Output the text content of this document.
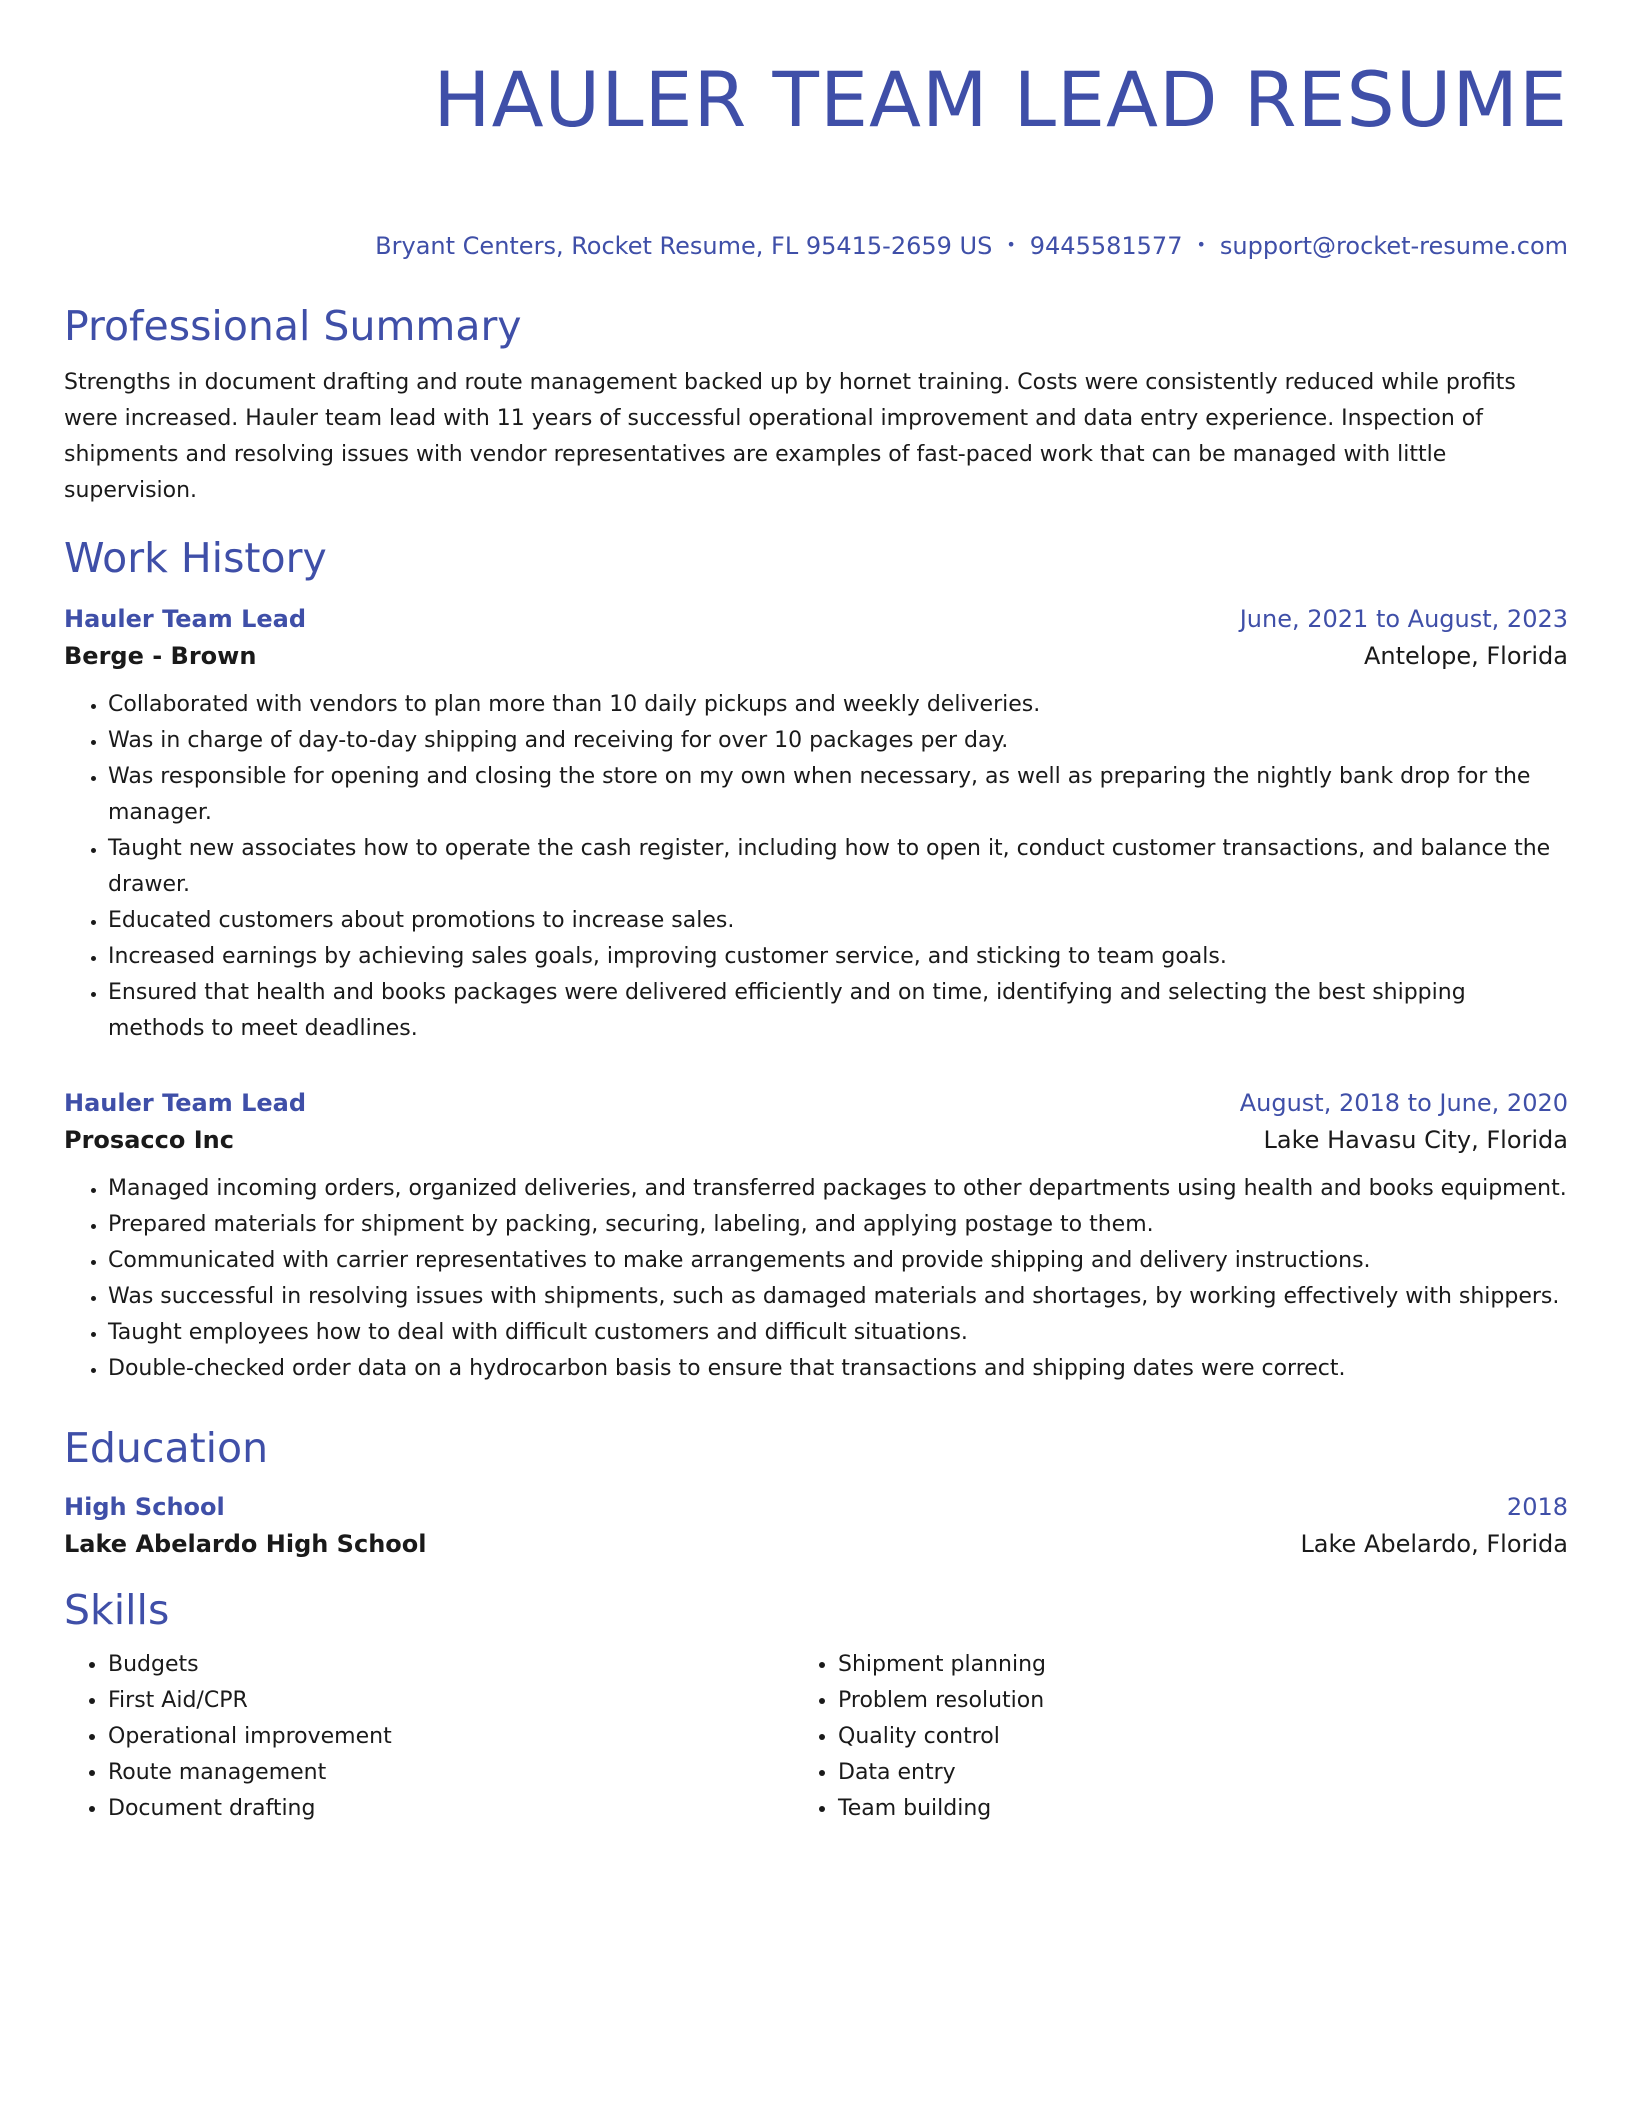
HAULER TEAM LEAD RESUME
Bryant Centers, Rocket Resume, FL 95415-2659 US • 9445581577 • support@rocket-resume.com
Professional Summary
Strengths in document drafting and route management backed up by hornet training. Costs were consistently reduced while profits were increased. Hauler team lead with 11 years of successful operational improvement and data entry experience. Inspection of shipments and resolving issues with vendor representatives are examples of fast-paced work that can be managed with little supervision.
Work History
Hauler Team Lead	June, 2021 to August, 2023
Berge - Brown	Antelope, Florida
• Collaborated with vendors to plan more than 10 daily pickups and weekly deliveries.
• Was in charge of day-to-day shipping and receiving for over 10 packages per day.
• Was responsible for opening and closing the store on my own when necessary, as well as preparing the nightly bank drop for the manager.
• Taught new associates how to operate the cash register, including how to open it, conduct customer transactions, and balance the drawer.
• Educated customers about promotions to increase sales.
• Increased earnings by achieving sales goals, improving customer service, and sticking to team goals.
• Ensured that health and books packages were delivered efficiently and on time, identifying and selecting the best shipping methods to meet deadlines.
Hauler Team Lead	August, 2018 to June, 2020
Prosacco Inc	Lake Havasu City, Florida
• Managed incoming orders, organized deliveries, and transferred packages to other departments using health and books equipment.
• Prepared materials for shipment by packing, securing, labeling, and applying postage to them.
• Communicated with carrier representatives to make arrangements and provide shipping and delivery instructions.
• Was successful in resolving issues with shipments, such as damaged materials and shortages, by working effectively with shippers.
• Taught employees how to deal with difficult customers and difficult situations.
• Double-checked order data on a hydrocarbon basis to ensure that transactions and shipping dates were correct.
Education
High School	2018
Lake Abelardo High School	Lake Abelardo, Florida
Skills
• Budgets
• First Aid/CPR
• Operational improvement
• Route management
• Document drafting
• Shipment planning
• Problem resolution
• Quality control
• Data entry
• Team building
